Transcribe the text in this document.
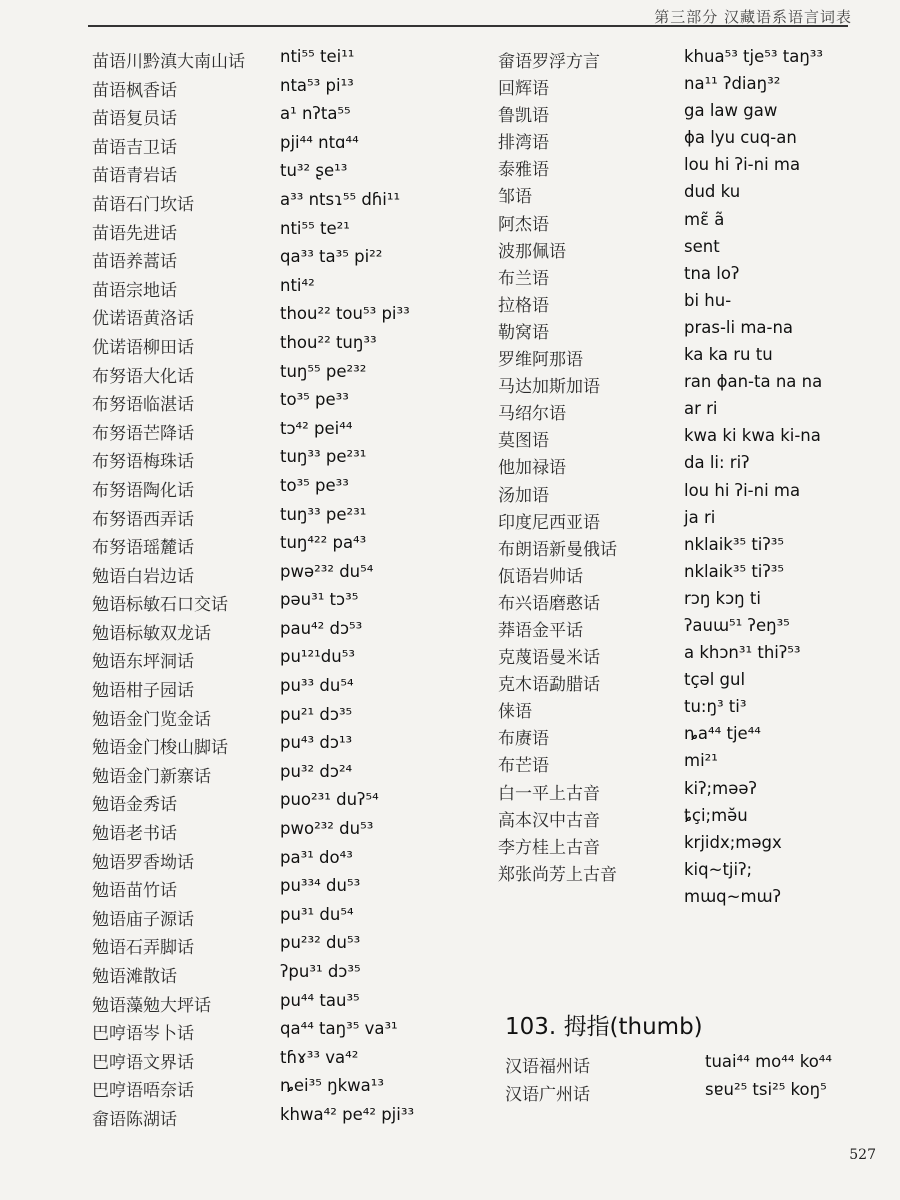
第三部分 汉藏语系语言词表
苗语川黔滇大南山话 nti⁵⁵ tei¹¹
苗语枫香话	nta⁵³ pi¹³
苗语复员话	a¹ nʔta⁵⁵
苗语吉卫话	pji⁴⁴ ntɑ⁴⁴
苗语青岩话	tu³² ʂe¹³
苗语石门坎话	a³³ ntsɿ⁵⁵ dɦi¹¹
苗语先进话	nti⁵⁵ te²¹
苗语养蒿话	qa³³ ta³⁵ pi²²
苗语宗地话	nti⁴²
优诺语黄洛话	thou²² tou⁵³ pi³³
优诺语柳田话	thou²² tuŋ³³
布努语大化话	tuŋ⁵⁵ pe²³²
布努语临湛话	to³⁵ pe³³
布努语芒降话	tɔ⁴² pei⁴⁴
布努语梅珠话	tuŋ³³ pe²³¹
布努语陶化话	to³⁵ pe³³
布努语西弄话	tuŋ³³ pe²³¹
布努语瑶麓话	tuŋ⁴²² pa⁴³
勉语白岩边话	pwə²³² du⁵⁴
勉语标敏石口交话	pəu³¹ tɔ³⁵
勉语标敏双龙话	pau⁴² dɔ⁵³
勉语东坪洞话	pu¹²¹du⁵³
勉语柑子园话	pu³³ du⁵⁴
勉语金门览金话	pu²¹ dɔ³⁵
勉语金门梭山脚话	pu⁴³ dɔ¹³
勉语金门新寨话	pu³² dɔ²⁴
勉语金秀话	puo²³¹ duʔ⁵⁴
勉语老书话	pwo²³² du⁵³
勉语罗香坳话	pa³¹ do⁴³
勉语苗竹话	pu³³⁴ du⁵³
勉语庙子源话	pu³¹ du⁵⁴
勉语石弄脚话	pu²³² du⁵³
勉语滩散话	ʔpu³¹ dɔ³⁵
勉语藻勉大坪话	pu⁴⁴ tau³⁵
巴哼语岑卜话	qa⁴⁴ taŋ³⁵ va³¹
巴哼语文界话	tɦɤ³³ va⁴²
巴哼语唔奈话	ȵei³⁵ ŋkwa¹³
畲语陈湖话	khwa⁴² pe⁴² pji³³
畲语罗浮方言	khua⁵³ tje⁵³ taŋ³³
回辉语	na¹¹ ʔdiaŋ³²
鲁凯语	ga law gaw
排湾语	ɸa lyu cuq-an
泰雅语	lou hi ʔi-ni ma
邹语	dud ku
阿杰语	mɛ̃ ã
波那佩语	sent
布兰语	tna loʔ
拉格语	bi hu-
勒窝语	pras-li ma-na
罗维阿那语	ka ka ru tu
马达加斯加语	ran ɸan-ta na na
马绍尔语	ar ri
莫图语	kwa ki kwa ki-na
他加禄语	da li: riʔ
汤加语	lou hi ʔi-ni ma
印度尼西亚语	ja ri
布朗语新曼俄话	nklaik³⁵ tiʔ³⁵
佤语岩帅话	nklaik³⁵ tiʔ³⁵
布兴语磨憨话	rɔŋ kɔŋ ti
莽语金平话	ʔauɯ⁵¹ ʔeŋ³⁵
克蔑语曼米话	a khɔn³¹ thiʔ⁵³
克木语勐腊话	tçəl gul
俫语	tu:ŋ³ ti³
布赓语	ȵa⁴⁴ tje⁴⁴
布芒语	mi²¹
白一平上古音	kiʔ;məəʔ
高本汉中古音	ȶçi;mə̆u
李方桂上古音	krjidx;məgx
郑张尚芳上古音	kiq~tjiʔ;
mɯq~mɯʔ
103. 拇指(thumb)
汉语福州话	tuai⁴⁴ mo⁴⁴ ko⁴⁴
汉语广州话	sɐu²⁵ tsi²⁵ koŋ⁵
527
